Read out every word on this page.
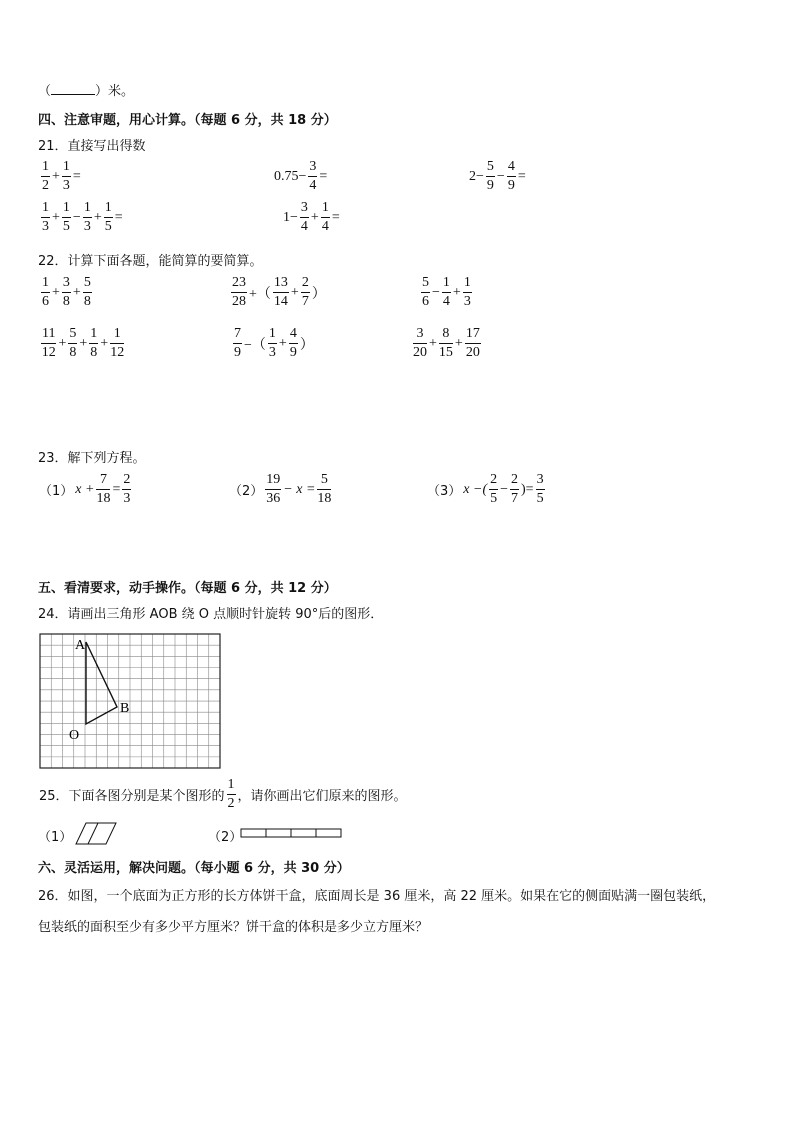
（	）米。
四、注意审题，用心计算。（每题 6 分，共 18 分）
21．直接写出得数
$\frac{1}{2} + \frac{1}{3}$ =	$0.75- \frac{3}{4}$ =	$2- \frac{5}{9} - \frac{4}{9}$ =
$\frac{1}{3} + \frac{1}{5} - \frac{1}{3} + \frac{1}{5}$ =	$1- \frac{3}{4} + \frac{1}{4}$ =
22．计算下面各题，能简算的要简算。
$\frac{1}{6} + \frac{3}{8} + \frac{5}{8}$	$\frac{23}{28}$ +（ $\frac{13}{14} + \frac{2}{7}$ ）	$\frac{5}{6} - \frac{1}{4} + \frac{1}{3}$
$\frac{11}{12} + \frac{5}{8} + \frac{1}{8} + \frac{1}{12}$	$\frac{7}{9}$ −（ $\frac{1}{3} + \frac{4}{9}$ ）	$\frac{3}{20} + \frac{8}{15} + \frac{17}{20}$
23．解下列方程。
（1） $x + \frac{7}{18} = \frac{2}{3}$	$(2) \frac{19}{36} - x = \frac{5}{18}$	（3） x −( $\frac{2}{5} - \frac{2}{7}$ )= $\frac{3}{5}$
五、看清要求，动手操作。（每题 6 分，共 12 分）
24．请画出三角形 AOB 绕 O 点顺时针旋转 90°后的图形．
A
B
O
25．下面各图分别是某个图形的 $\frac{1}{2}$ ，请你画出它们原来的图形。
（1）	（2）
六、灵活运用，解决问题。（每小题 6 分，共 30 分）
26．如图，一个底面为正方形的长方体饼干盒，底面周长是 36 厘米，高 22 厘米。如果在它的侧面贴满一圈包装纸，
包装纸的面积至少有多少平方厘米？饼干盒的体积是多少立方厘米？
